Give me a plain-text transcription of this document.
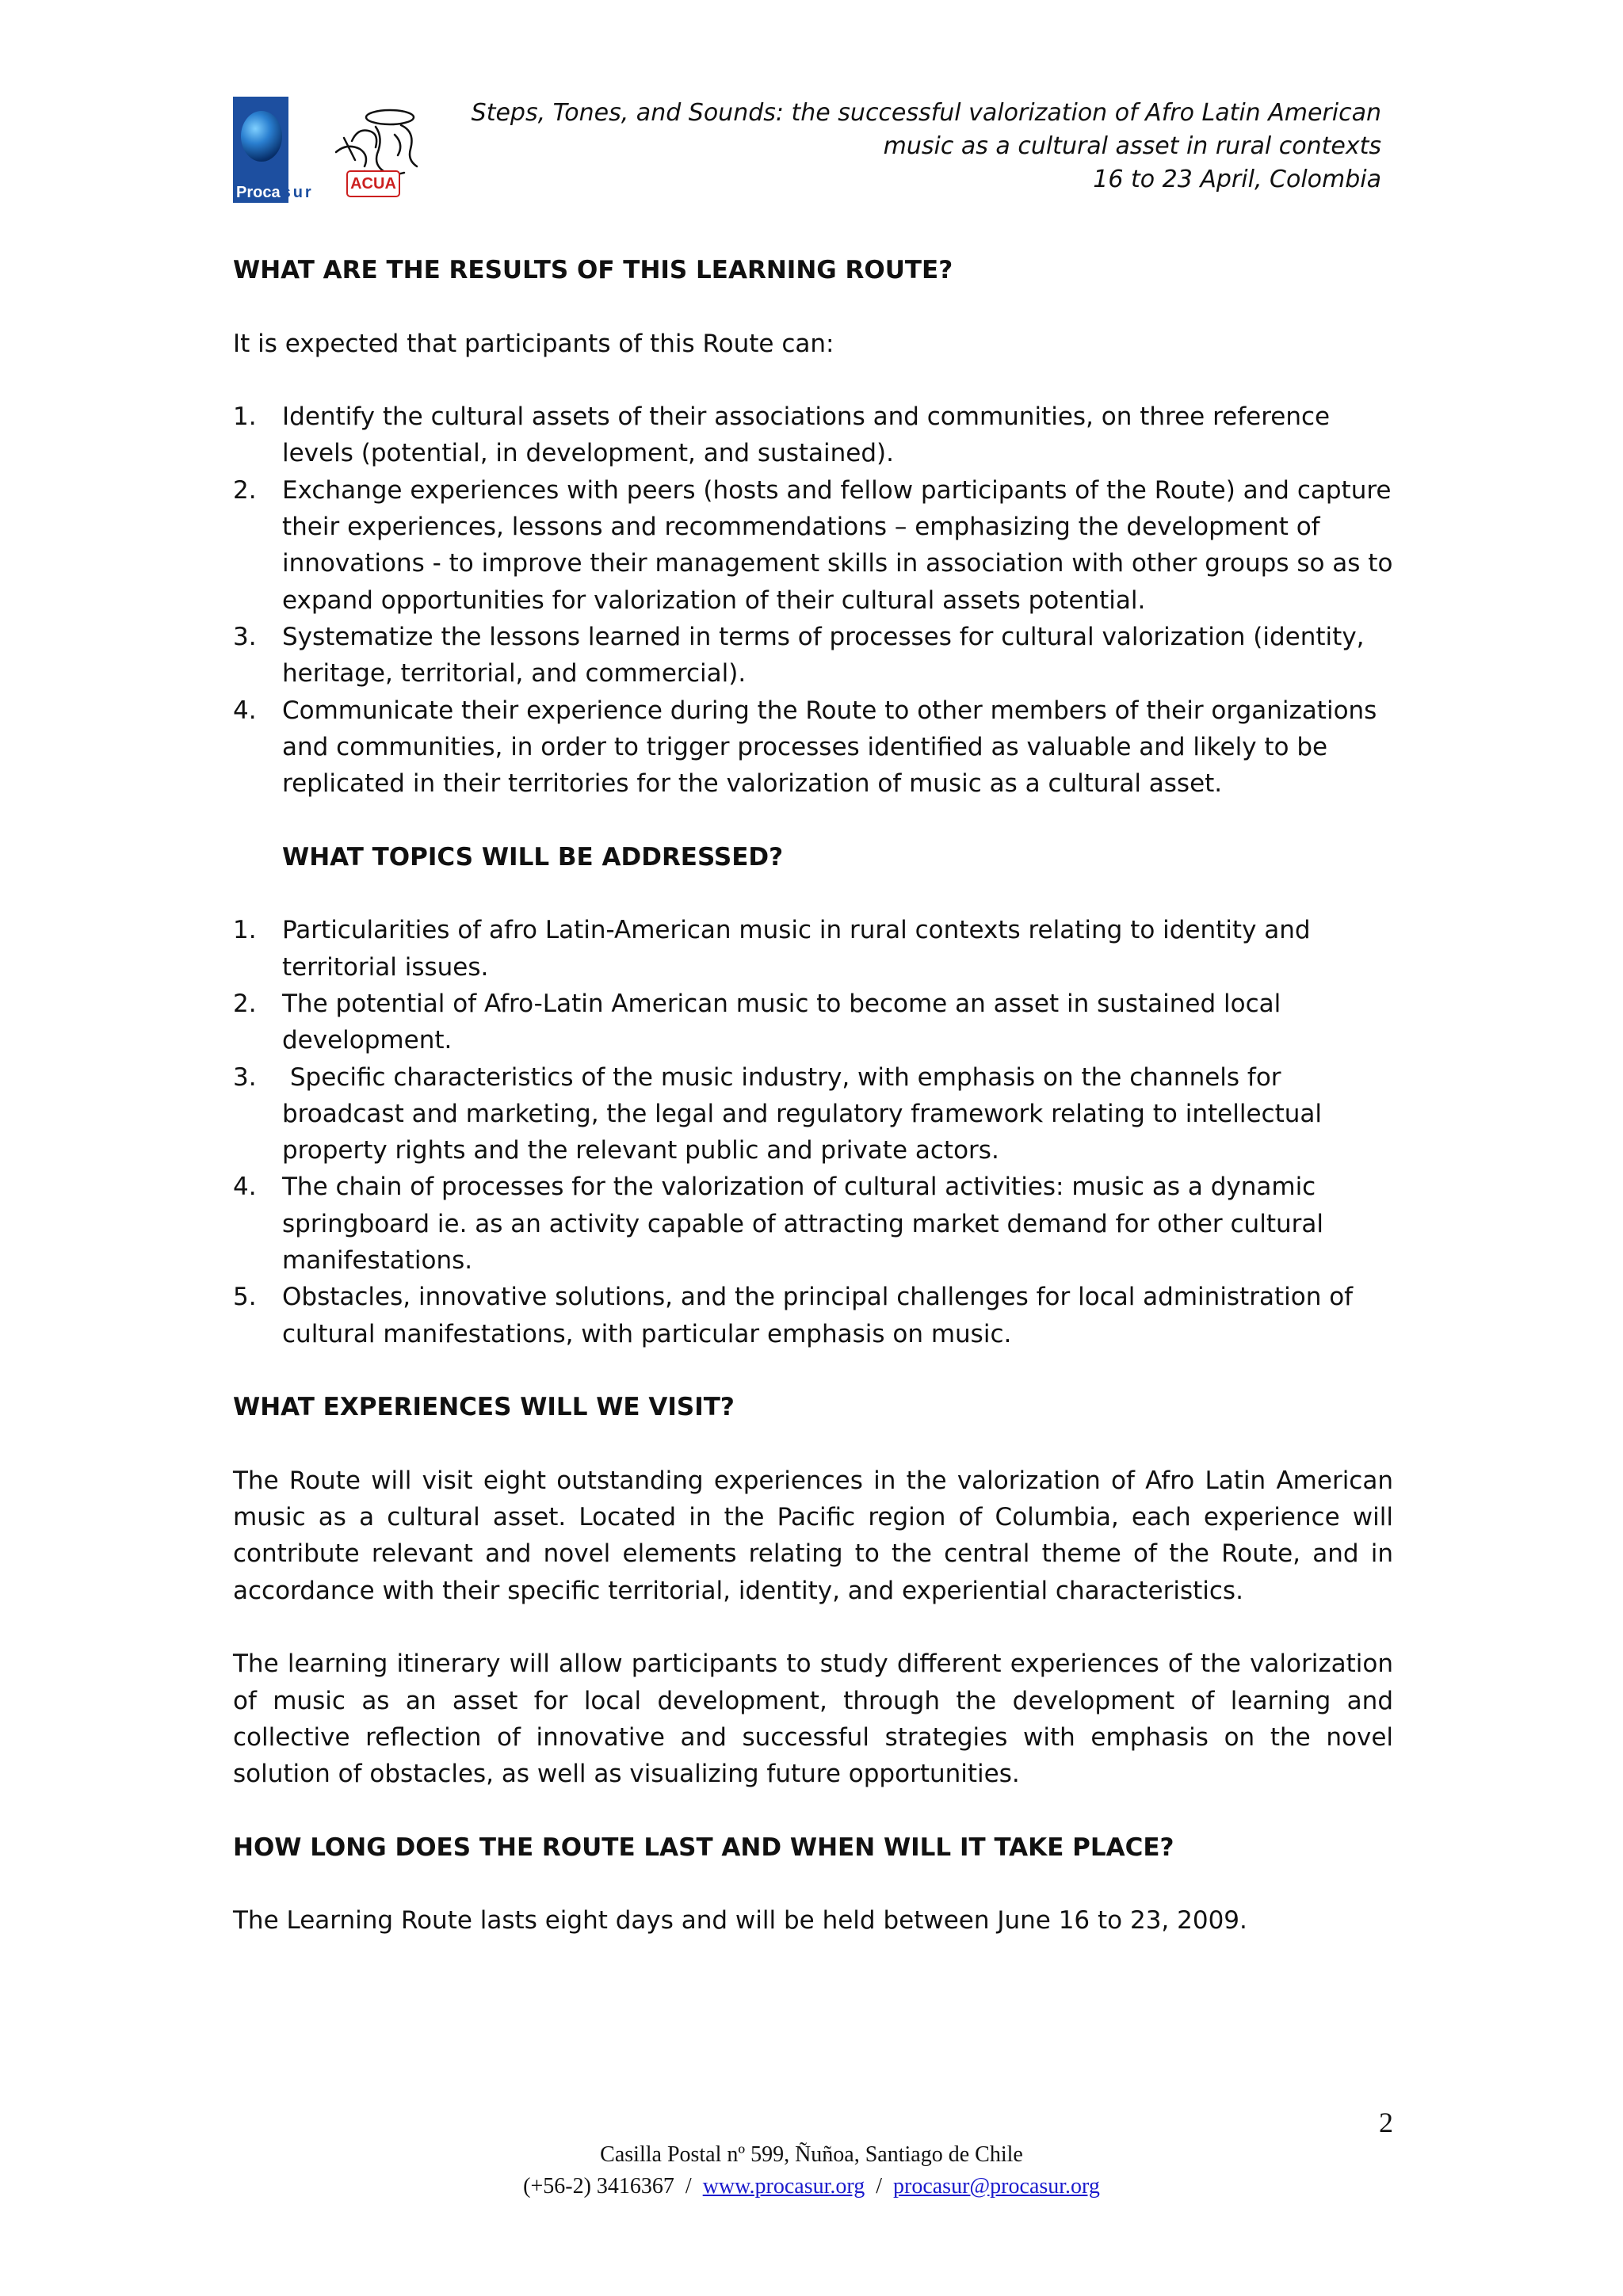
Proca sur	ACUA
Steps, Tones, and Sounds: the successful valorization of Afro Latin American
music as a cultural asset in rural contexts
16 to 23 April, Colombia

WHAT ARE THE RESULTS OF THIS LEARNING ROUTE?

It is expected that participants of this Route can:

1. Identify the cultural assets of their associations and communities, on three reference levels (potential, in development, and sustained).
2. Exchange experiences with peers (hosts and fellow participants of the Route) and capture their experiences, lessons and recommendations – emphasizing the development of innovations - to improve their management skills in association with other groups so as to expand opportunities for valorization of their cultural assets potential.
3. Systematize the lessons learned in terms of processes for cultural valorization (identity, heritage, territorial, and commercial).
4. Communicate their experience during the Route to other members of their organizations and communities, in order to trigger processes identified as valuable and likely to be replicated in their territories for the valorization of music as a cultural asset.

WHAT TOPICS WILL BE ADDRESSED?

1. Particularities of afro Latin-American music in rural contexts relating to identity and territorial issues.
2. The potential of Afro-Latin American music to become an asset in sustained local development.
3. Specific characteristics of the music industry, with emphasis on the channels for broadcast and marketing, the legal and regulatory framework relating to intellectual property rights and the relevant public and private actors.
4. The chain of processes for the valorization of cultural activities: music as a dynamic springboard ie. as an activity capable of attracting market demand for other cultural manifestations.
5. Obstacles, innovative solutions, and the principal challenges for local administration of cultural manifestations, with particular emphasis on music.

WHAT EXPERIENCES WILL WE VISIT?

The Route will visit eight outstanding experiences in the valorization of Afro Latin American music as a cultural asset. Located in the Pacific region of Columbia, each experience will contribute relevant and novel elements relating to the central theme of the Route, and in accordance with their specific territorial, identity, and experiential characteristics.

The learning itinerary will allow participants to study different experiences of the valorization of music as an asset for local development, through the development of learning and collective reflection of innovative and successful strategies with emphasis on the novel solution of obstacles, as well as visualizing future opportunities.

HOW LONG DOES THE ROUTE LAST AND WHEN WILL IT TAKE PLACE?

The Learning Route lasts eight days and will be held between June 16 to 23, 2009.

2
Casilla Postal nº 599, Ñuñoa, Santiago de Chile
(+56-2) 3416367 / www.procasur.org / procasur@procasur.org
